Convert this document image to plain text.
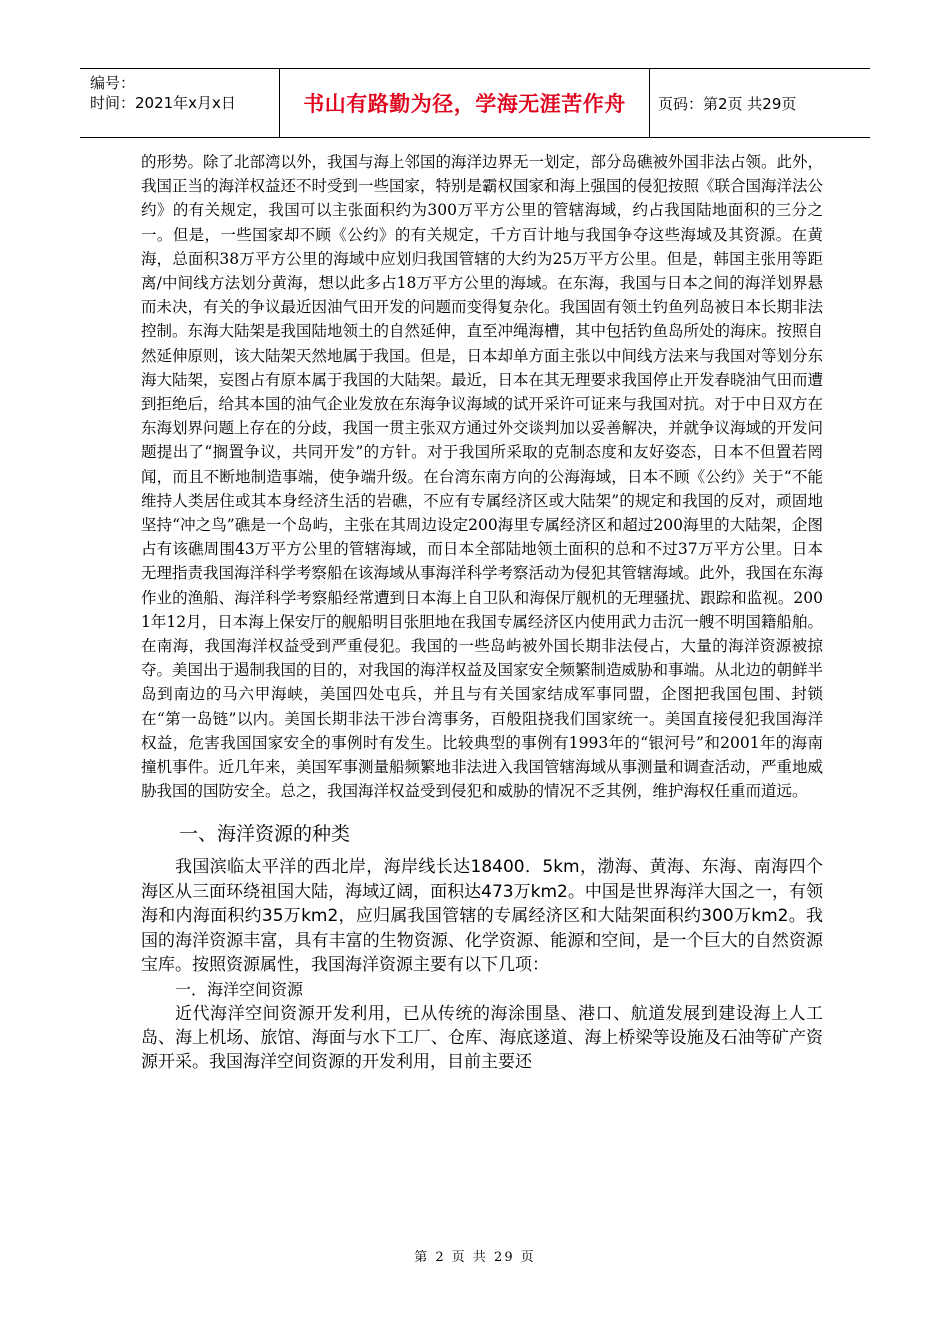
编号：
时间：2021年x月x日	书山有路勤为径，学海无涯苦作舟 页码：第2页 共29页

的形势。除了北部湾以外，我国与海上邻国的海洋边界无一划定，部分岛礁被外国非法占领。此外，我国正当的海洋权益还不时受到一些国家，特别是霸权国家和海上强国的侵犯按照《联合国海洋法公约》的有关规定，我国可以主张面积约为300万平方公里的管辖海域，约占我国陆地面积的三分之一。但是，一些国家却不顾《公约》的有关规定，千方百计地与我国争夺这些海域及其资源。在黄海，总面积38万平方公里的海域中应划归我国管辖的大约为25万平方公里。但是，韩国主张用等距离/中间线方法划分黄海，想以此多占18万平方公里的海域。在东海，我国与日本之间的海洋划界悬而未决，有关的争议最近因油气田开发的问题而变得复杂化。我国固有领土钓鱼列岛被日本长期非法控制。东海大陆架是我国陆地领土的自然延伸，直至冲绳海槽，其中包括钓鱼岛所处的海床。按照自然延伸原则，该大陆架天然地属于我国。但是，日本却单方面主张以中间线方法来与我国对等划分东海大陆架，妄图占有原本属于我国的大陆架。最近，日本在其无理要求我国停止开发春晓油气田而遭到拒绝后，给其本国的油气企业发放在东海争议海域的试开采许可证来与我国对抗。对于中日双方在东海划界问题上存在的分歧，我国一贯主张双方通过外交谈判加以妥善解决，并就争议海域的开发问题提出了“搁置争议，共同开发”的方针。对于我国所采取的克制态度和友好姿态，日本不但置若罔闻，而且不断地制造事端，使争端升级。在台湾东南方向的公海海域，日本不顾《公约》关于“不能维持人类居住或其本身经济生活的岩礁，不应有专属经济区或大陆架”的规定和我国的反对，顽固地坚持“冲之鸟”礁是一个岛屿，主张在其周边设定200海里专属经济区和超过200海里的大陆架，企图占有该礁周围43万平方公里的管辖海域，而日本全部陆地领土面积的总和不过37万平方公里。日本无理指责我国海洋科学考察船在该海域从事海洋科学考察活动为侵犯其管辖海域。此外，我国在东海作业的渔船、海洋科学考察船经常遭到日本海上自卫队和海保厅舰机的无理骚扰、跟踪和监视。2001年12月，日本海上保安厅的舰船明目张胆地在我国专属经济区内使用武力击沉一艘不明国籍船舶。在南海，我国海洋权益受到严重侵犯。我国的一些岛屿被外国长期非法侵占，大量的海洋资源被掠夺。美国出于遏制我国的目的，对我国的海洋权益及国家安全频繁制造威胁和事端。从北边的朝鲜半岛到南边的马六甲海峡，美国四处屯兵，并且与有关国家结成军事同盟，企图把我国包围、封锁在“第一岛链”以内。美国长期非法干涉台湾事务，百般阻挠我们国家统一。美国直接侵犯我国海洋权益，危害我国国家安全的事例时有发生。比较典型的事例有1993年的“银河号”和2001年的海南撞机事件。近几年来，美国军事测量船频繁地非法进入我国管辖海域从事测量和调查活动，严重地威胁我国的国防安全。总之，我国海洋权益受到侵犯和威胁的情况不乏其例，维护海权任重而道远。

一、海洋资源的种类

我国滨临太平洋的西北岸，海岸线长达18400．5km，渤海、黄海、东海、南海四个海区从三面环绕祖国大陆，海域辽阔，面积达473万km2。中国是世界海洋大国之一，有领海和内海面积约35万km2，应归属我国管辖的专属经济区和大陆架面积约300万km2。我国的海洋资源丰富，具有丰富的生物资源、化学资源、能源和空间，是一个巨大的自然资源宝库。按照资源属性，我国海洋资源主要有以下几项：

一．海洋空间资源

近代海洋空间资源开发利用，已从传统的海涂围垦、港口、航道发展到建设海上人工岛、海上机场、旅馆、海面与水下工厂、仓库、海底遂道、海上桥梁等设施及石油等矿产资源开采。我国海洋空间资源的开发利用，目前主要还

第 2 页 共 29 页
